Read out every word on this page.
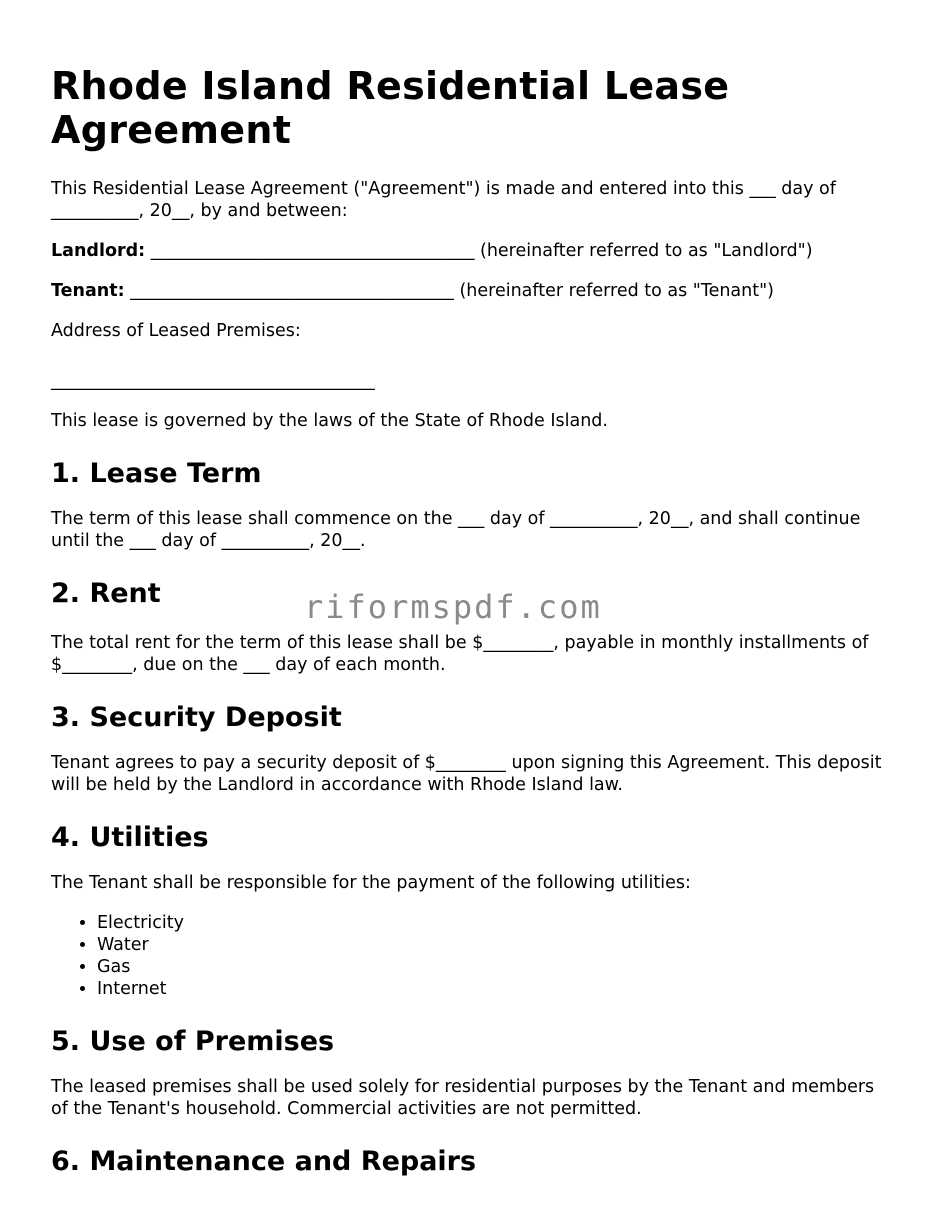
Rhode Island Residential Lease Agreement

This Residential Lease Agreement ("Agreement") is made and entered into this ___ day of __________, 20__, by and between:

Landlord: _____________________________________ (hereinafter referred to as "Landlord")

Tenant: _____________________________________ (hereinafter referred to as "Tenant")

Address of Leased Premises:

_____________________________________

This lease is governed by the laws of the State of Rhode Island.

1. Lease Term

The term of this lease shall commence on the ___ day of __________, 20__, and shall continue until the ___ day of __________, 20__.

2. Rent

The total rent for the term of this lease shall be $________, payable in monthly installments of $________, due on the ___ day of each month.

3. Security Deposit

Tenant agrees to pay a security deposit of $________ upon signing this Agreement. This deposit will be held by the Landlord in accordance with Rhode Island law.

4. Utilities

The Tenant shall be responsible for the payment of the following utilities:

• Electricity
• Water
• Gas
• Internet
5. Use of Premises

The leased premises shall be used solely for residential purposes by the Tenant and members of the Tenant's household. Commercial activities are not permitted.

6. Maintenance and Repairs
riformspdf.com
